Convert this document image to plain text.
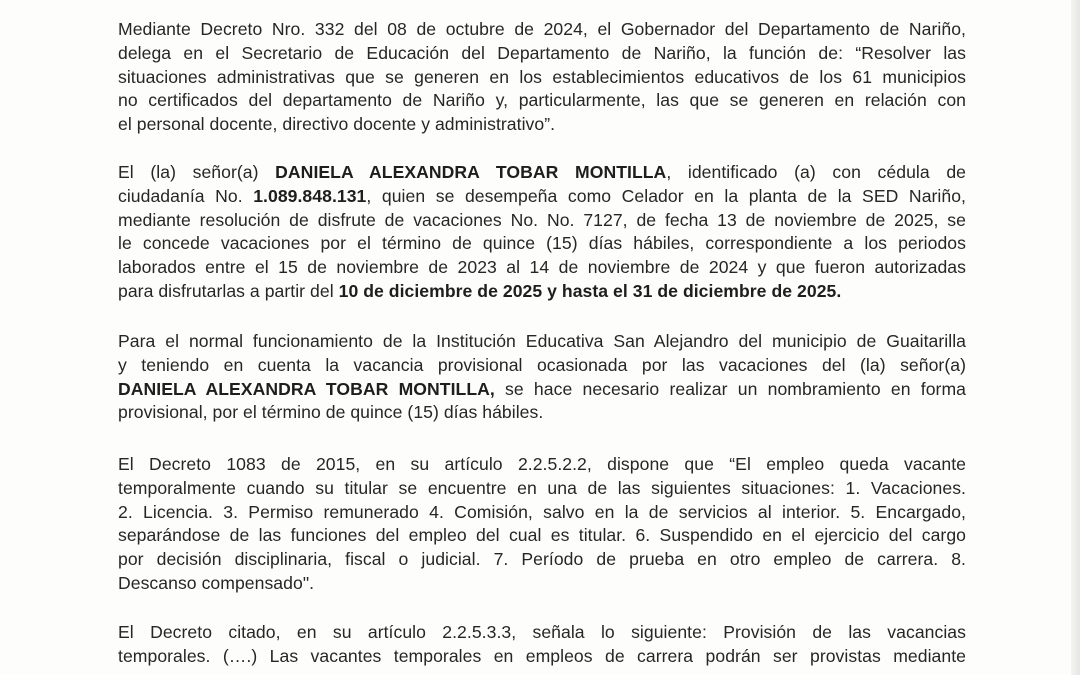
Mediante Decreto Nro. 332 del 08 de octubre de 2024, el Gobernador del Departamento de Nariño,
delega en el Secretario de Educación del Departamento de Nariño, la función de: “Resolver las
situaciones administrativas que se generen en los establecimientos educativos de los 61 municipios
no certificados del departamento de Nariño y, particularmente, las que se generen en relación con
el personal docente, directivo docente y administrativo”.
El (la) señor(a) DANIELA ALEXANDRA TOBAR MONTILLA, identificado (a) con cédula de
ciudadanía No. 1.089.848.131, quien se desempeña como Celador en la planta de la SED Nariño,
mediante resolución de disfrute de vacaciones No. No. 7127, de fecha 13 de noviembre de 2025, se
le concede vacaciones por el término de quince (15) días hábiles, correspondiente a los periodos
laborados entre el 15 de noviembre de 2023 al 14 de noviembre de 2024 y que fueron autorizadas
para disfrutarlas a partir del 10 de diciembre de 2025 y hasta el 31 de diciembre de 2025.
Para el normal funcionamiento de la Institución Educativa San Alejandro del municipio de Guaitarilla
y teniendo en cuenta la vacancia provisional ocasionada por las vacaciones del (la) señor(a)
DANIELA ALEXANDRA TOBAR MONTILLA, se hace necesario realizar un nombramiento en forma
provisional, por el término de quince (15) días hábiles.
El Decreto 1083 de 2015, en su artículo 2.2.5.2.2, dispone que “El empleo queda vacante
temporalmente cuando su titular se encuentre en una de las siguientes situaciones: 1. Vacaciones.
2. Licencia. 3. Permiso remunerado 4. Comisión, salvo en la de servicios al interior. 5. Encargado,
separándose de las funciones del empleo del cual es titular. 6. Suspendido en el ejercicio del cargo
por decisión disciplinaria, fiscal o judicial. 7. Período de prueba en otro empleo de carrera. 8.
Descanso compensado".
El Decreto citado, en su artículo 2.2.5.3.3, señala lo siguiente: Provisión de las vacancias
temporales. (….) Las vacantes temporales en empleos de carrera podrán ser provistas mediante
